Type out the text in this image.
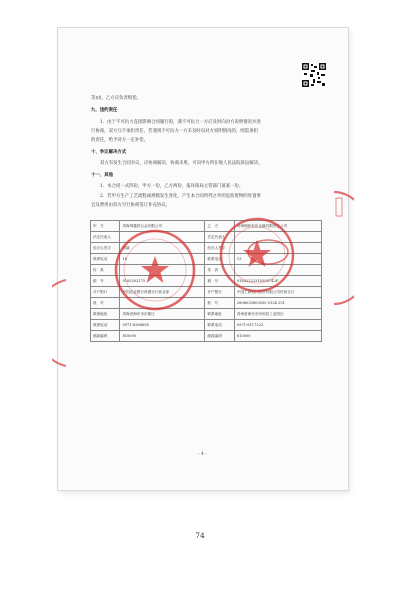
等)由，乙方应负责赔偿。
九、违约责任
1．由于不可抗力直接影响合同履行的，遇不可抗力一方应及时向对方说明情况并进
行协商，双方互不承担责任，若遇到不可抗力一方未及时向对方说明情况的，则需承担
的责任，给予对方一定补偿。
十、争议解决方式
双方有发生合同争议，应协商解决，协商未果，可向甲方所在地人民法院诉讼解决。
十一、其他
1．本合同一式四份，甲方一份，乙方两份，报环保局主管部门备案一份。
2．若甲方生产工艺流程或规模发生变化，产生本合同所列之外的危险废物的处置事
宜及费用由双方另行协商签订补充协议。
甲　方	青海靖鑫铁合金有限公司	乙　方	青海湘和有色金属有限责任公司
法定代表人		法定代表人	
经办人签字	刘赫	经办人签字	
联系电话	18	联系电话	13
传　真		传　真	
税　号	9163202175	税　号	91632222310395742F
开户银行	中国农业银行贵德分行营业部	开户银行	中国工商银行股份有限公司民和支行
账　号		账　号	2806030809200 0124 251
联系地址	青海省海东市乐都区	联系地址	青海省海东市民和县工业园区
联系电话	0971-8268658	联系电话	0971-8117223
邮政编码	810000	邮政编码	810000
- 4 -
74
